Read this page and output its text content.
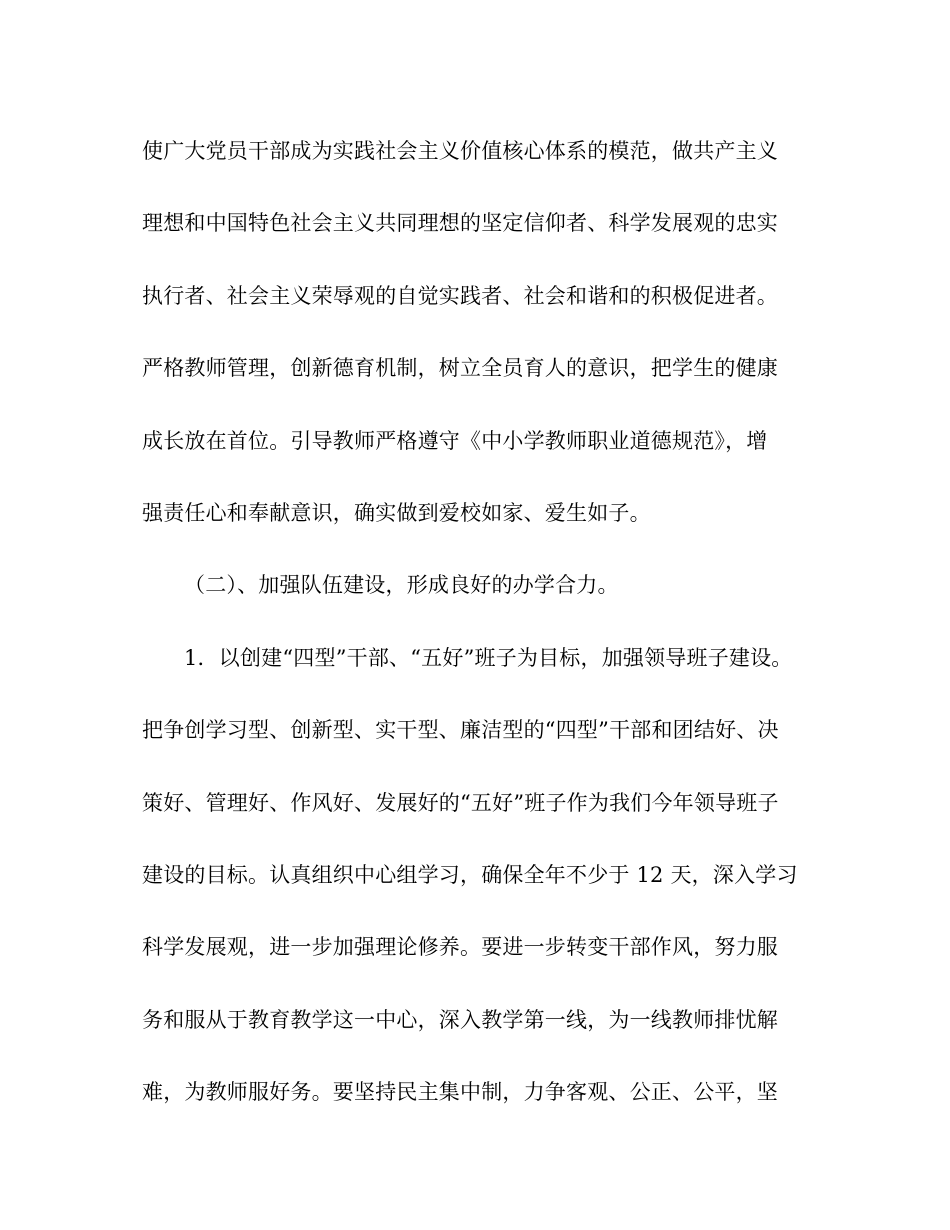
使广大党员干部成为实践社会主义价值核心体系的模范，做共产主义
理想和中国特色社会主义共同理想的坚定信仰者、科学发展观的忠实
执行者、社会主义荣辱观的自觉实践者、社会和谐和的积极促进者。
严格教师管理，创新德育机制，树立全员育人的意识，把学生的健康
成长放在首位。引导教师严格遵守《中小学教师职业道德规范》，增
强责任心和奉献意识，确实做到爱校如家、爱生如子。
（二）、加强队伍建设，形成良好的办学合力。
1．以创建“四型”干部、“五好”班子为目标，加强领导班子建设。
把争创学习型、创新型、实干型、廉洁型的“四型”干部和团结好、决
策好、管理好、作风好、发展好的“五好”班子作为我们今年领导班子
建设的目标。认真组织中心组学习，确保全年不少于 12 天，深入学习
科学发展观，进一步加强理论修养。要进一步转变干部作风，努力服
务和服从于教育教学这一中心，深入教学第一线，为一线教师排忧解
难，为教师服好务。要坚持民主集中制，力争客观、公正、公平，坚
